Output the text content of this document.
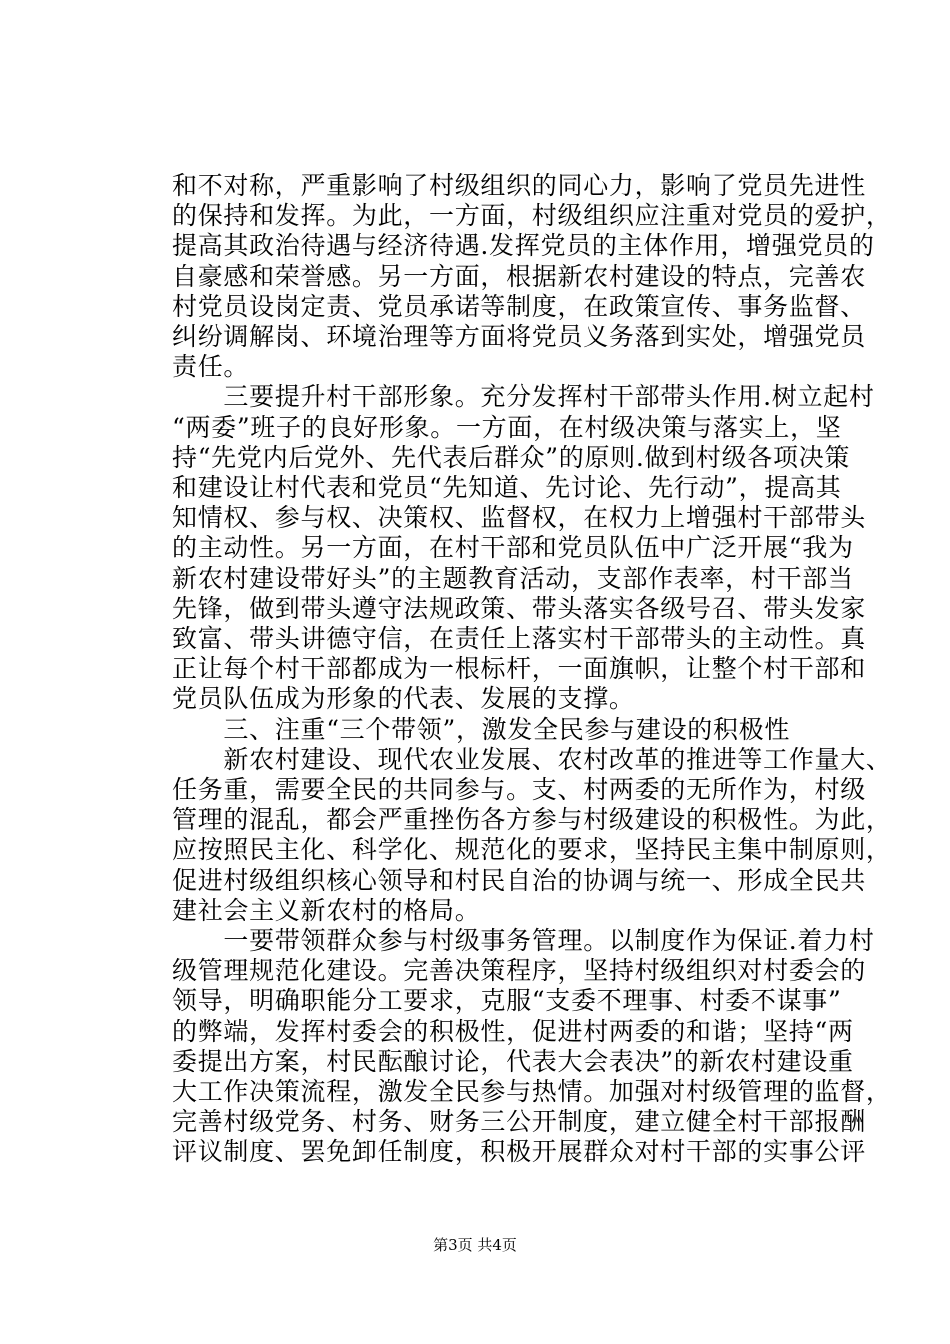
和不对称，严重影响了村级组织的同心力，影响了党员先进性
的保持和发挥。为此，一方面，村级组织应注重对党员的爱护，
提高其政治待遇与经济待遇.发挥党员的主体作用，增强党员的
自豪感和荣誉感。另一方面，根据新农村建设的特点，完善农
村党员设岗定责、党员承诺等制度，在政策宣传、事务监督、
纠纷调解岗、环境治理等方面将党员义务落到实处，增强党员
责任。
　　三要提升村干部形象。充分发挥村干部带头作用.树立起村
“两委”班子的良好形象。一方面，在村级决策与落实上，坚
持“先党内后党外、先代表后群众”的原则.做到村级各项决策
和建设让村代表和党员“先知道、先讨论、先行动”，提高其
知情权、参与权、决策权、监督权，在权力上增强村干部带头
的主动性。另一方面，在村干部和党员队伍中广泛开展“我为
新农村建设带好头”的主题教育活动，支部作表率，村干部当
先锋，做到带头遵守法规政策、带头落实各级号召、带头发家
致富、带头讲德守信，在责任上落实村干部带头的主动性。真
正让每个村干部都成为一根标杆，一面旗帜，让整个村干部和
党员队伍成为形象的代表、发展的支撑。
　　三、注重“三个带领”，激发全民参与建设的积极性
　　新农村建设、现代农业发展、农村改革的推进等工作量大、
任务重，需要全民的共同参与。支、村两委的无所作为，村级
管理的混乱，都会严重挫伤各方参与村级建设的积极性。为此，
应按照民主化、科学化、规范化的要求，坚持民主集中制原则，
促进村级组织核心领导和村民自治的协调与统一、形成全民共
建社会主义新农村的格局。
　　一要带领群众参与村级事务管理。以制度作为保证.着力村
级管理规范化建设。完善决策程序，坚持村级组织对村委会的
领导，明确职能分工要求，克服“支委不理事、村委不谋事”
的弊端，发挥村委会的积极性，促进村两委的和谐；坚持“两
委提出方案，村民酝酿讨论，代表大会表决”的新农村建设重
大工作决策流程，激发全民参与热情。加强对村级管理的监督，
完善村级党务、村务、财务三公开制度，建立健全村干部报酬
评议制度、罢免卸任制度，积极开展群众对村干部的实事公评
第3页 共4页
